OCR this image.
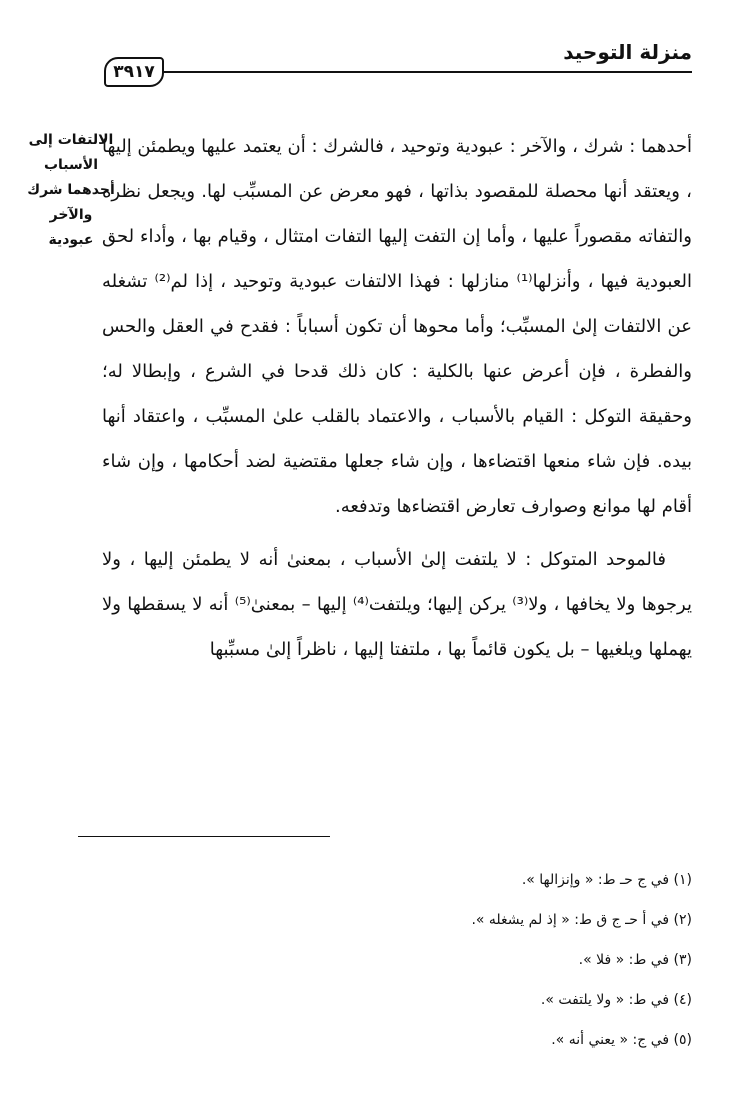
منزلة التوحيد
٣٩١٧
الالتفات إلى الأسباب أحدهما شرك والآخر عبودية

أحدهما : شرك ، والآخر : عبودية وتوحيد ، فالشرك : أن يعتمد عليها ويطمئن إليها ، ويعتقد أنها محصلة للمقصود بذاتها ، فهو معرض عن المسبِّب لها. ويجعل نظره والتفاته مقصوراً عليها ، وأما إن التفت إليها التفات امتثال ، وقيام بها ، وأداء لحق العبودية فيها ، وأنزلها⁽¹⁾ منازلها : فهذا الالتفات عبودية وتوحيد ، إذا لم⁽²⁾ تشغله عن الالتفات إلىٰ المسبِّب؛ وأما محوها أن تكون أسباباً : فقدح في العقل والحس والفطرة ، فإن أعرض عنها بالكلية : كان ذلك قدحا في الشرع ، وإبطالا له؛ وحقيقة التوكل : القيام بالأسباب ، والاعتماد بالقلب علىٰ المسبِّب ، واعتقاد أنها بيده. فإن شاء منعها اقتضاءها ، وإن شاء جعلها مقتضية لضد أحكامها ، وإن شاء أقام لها موانع وصوارف تعارض اقتضاءها وتدفعه.

فالموحد المتوكل : لا يلتفت إلىٰ الأسباب ، بمعنىٰ أنه لا يطمئن إليها ، ولا يرجوها ولا يخافها ، ولا⁽³⁾ يركن إليها؛ ويلتفت⁽⁴⁾ إليها – بمعنىٰ⁽⁵⁾ أنه لا يسقطها ولا يهملها ويلغيها – بل يكون قائماً بها ، ملتفتا إليها ، ناظراً إلىٰ مسبِّبها

(١) في ج حـ ط: « وإنزالها ».
(٢) في أ حـ ج ق ط: « إذ لم يشغله ».
(٣) في ط: « فلا ».
(٤) في ط: « ولا يلتفت ».
(٥) في ج: « يعني أنه ».
